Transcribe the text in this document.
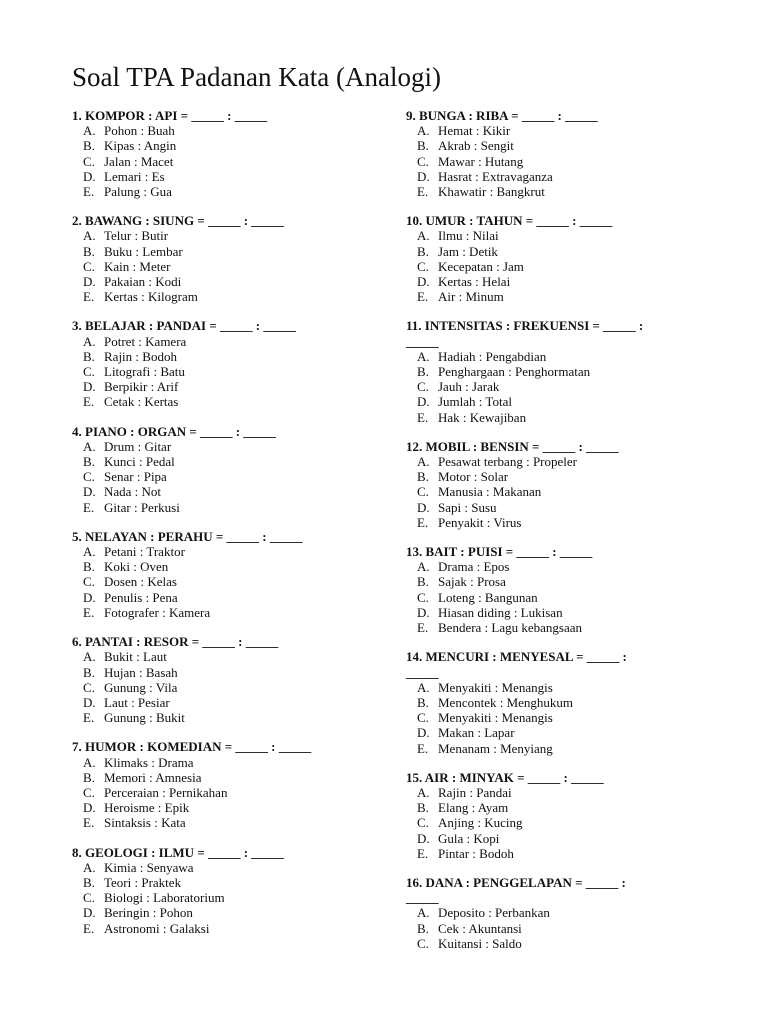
Soal TPA Padanan Kata (Analogi)
1. KOMPOR : API = _____ : _____
A. Pohon : Buah
B. Kipas : Angin
C. Jalan : Macet
D. Lemari : Es
E. Palung : Gua
2. BAWANG : SIUNG = _____ : _____
A. Telur : Butir
B. Buku : Lembar
C. Kain : Meter
D. Pakaian : Kodi
E. Kertas : Kilogram
3. BELAJAR : PANDAI = _____ : _____
A. Potret : Kamera
B. Rajin : Bodoh
C. Litografi : Batu
D. Berpikir : Arif
E. Cetak : Kertas
4. PIANO : ORGAN = _____ : _____
A. Drum : Gitar
B. Kunci : Pedal
C. Senar : Pipa
D. Nada : Not
E. Gitar : Perkusi
5. NELAYAN : PERAHU = _____ : _____
A. Petani : Traktor
B. Koki : Oven
C. Dosen : Kelas
D. Penulis : Pena
E. Fotografer : Kamera
6. PANTAI : RESOR = _____ : _____
A. Bukit : Laut
B. Hujan : Basah
C. Gunung : Vila
D. Laut : Pesiar
E. Gunung : Bukit
7. HUMOR : KOMEDIAN = _____ : _____
A. Klimaks : Drama
B. Memori : Amnesia
C. Perceraian : Pernikahan
D. Heroisme : Epik
E. Sintaksis : Kata
8. GEOLOGI : ILMU = _____ : _____
A. Kimia : Senyawa
B. Teori : Praktek
C. Biologi : Laboratorium
D. Beringin : Pohon
E. Astronomi : Galaksi
9. BUNGA : RIBA = _____ : _____
A. Hemat : Kikir
B. Akrab : Sengit
C. Mawar : Hutang
D. Hasrat : Extravaganza
E. Khawatir : Bangkrut
10. UMUR : TAHUN = _____ : _____
A. Ilmu : Nilai
B. Jam : Detik
C. Kecepatan : Jam
D. Kertas : Helai
E. Air : Minum
11. INTENSITAS : FREKUENSI = _____ :
_____
A. Hadiah : Pengabdian
B. Penghargaan : Penghormatan
C. Jauh : Jarak
D. Jumlah : Total
E. Hak : Kewajiban
12. MOBIL : BENSIN = _____ : _____
A. Pesawat terbang : Propeler
B. Motor : Solar
C. Manusia : Makanan
D. Sapi : Susu
E. Penyakit : Virus
13. BAIT : PUISI = _____ : _____
A. Drama : Epos
B. Sajak : Prosa
C. Loteng : Bangunan
D. Hiasan diding : Lukisan
E. Bendera : Lagu kebangsaan
14. MENCURI : MENYESAL = _____ :
_____
A. Menyakiti : Menangis
B. Mencontek : Menghukum
C. Menyakiti : Menangis
D. Makan : Lapar
E. Menanam : Menyiang
15. AIR : MINYAK = _____ : _____
A. Rajin : Pandai
B. Elang : Ayam
C. Anjing : Kucing
D. Gula : Kopi
E. Pintar : Bodoh
16. DANA : PENGGELAPAN = _____ :
_____
A. Deposito : Perbankan
B. Cek : Akuntansi
C. Kuitansi : Saldo
